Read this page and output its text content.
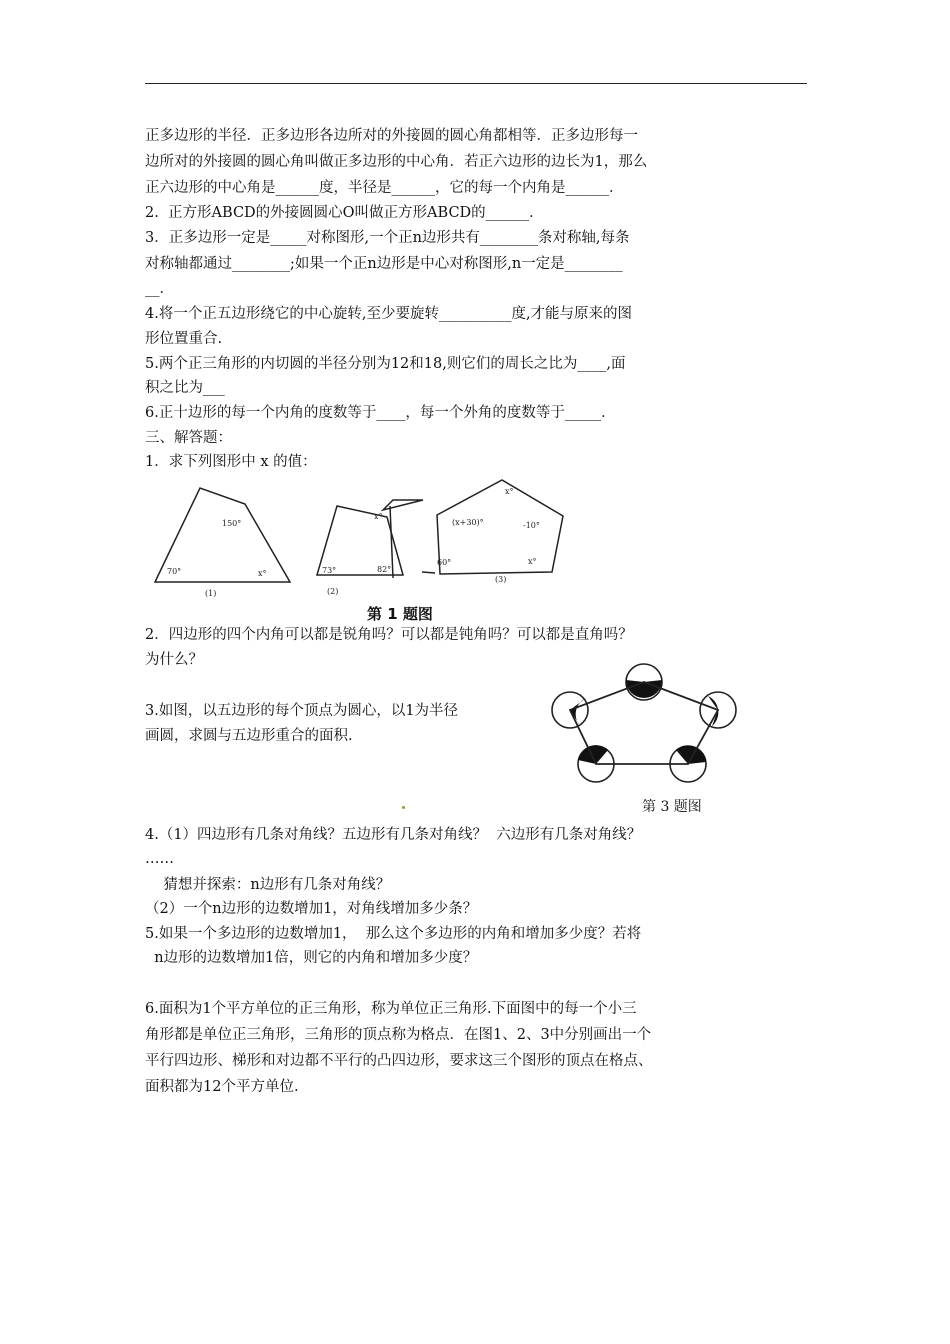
正多边形的半径．正多边形各边所对的外接圆的圆心角都相等．正多边形每一
边所对的外接圆的圆心角叫做正多边形的中心角．若正六边形的边长为1，那么
正六边形的中心角是______度，半径是______，它的每一个内角是______．
2.  正方形ABCD的外接圆圆心O叫做正方形ABCD的______．
3．正多边形一定是_____对称图形,一个正n边形共有________条对称轴,每条
对称轴都通过________;如果一个正n边形是中心对称图形,n一定是________
__．
4.将一个正五边形绕它的中心旋转,至少要旋转__________度,才能与原来的图
形位置重合.
5.两个正三角形的内切圆的半径分别为12和18,则它们的周长之比为____,面
积之比为___
6.正十边形的每一个内角的度数等于____，每一个外角的度数等于_____．
三、解答题：
1．求下列图形中 x 的值：
150°
70°	x°
(1)
x°
73°	82°
(2)
x°
(x+30)°	-10°
60°	x°
(3)
第 1 题图
2．四边形的四个内角可以都是锐角吗？可以都是钝角吗？可以都是直角吗？
为什么？
3.如图，以五边形的每个顶点为圆心，以1为半径
画圆，求圆与五边形重合的面积.
第 3 题图
4.（1）四边形有几条对角线？五边形有几条对角线？  六边形有几条对角线？
……
猜想并探索：n边形有几条对角线？
（2）一个n边形的边数增加1，对角线增加多少条？
5.如果一个多边形的边数增加1，  那么这个多边形的内角和增加多少度？若将
n边形的边数增加1倍，则它的内角和增加多少度？
6.面积为1个平方单位的正三角形，称为单位正三角形.下面图中的每一个小三
角形都是单位正三角形，三角形的顶点称为格点．在图1、2、3中分别画出一个
平行四边形、梯形和对边都不平行的凸四边形，要求这三个图形的顶点在格点、
面积都为12个平方单位.
